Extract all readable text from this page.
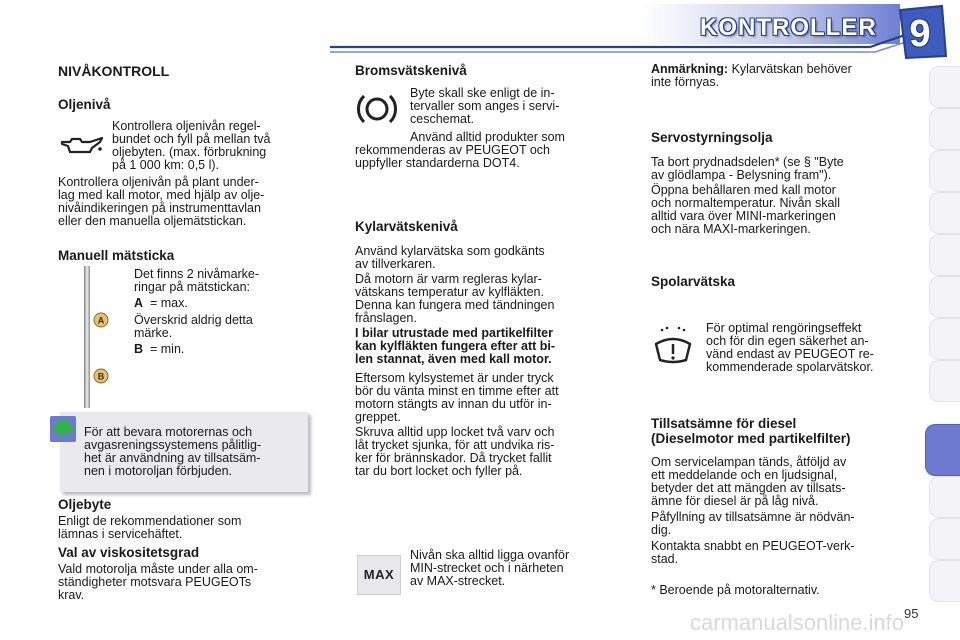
KONTROLLER 9
NIVÅKONTROLL
Oljenivå
Kontrollera oljenivån regel-
bundet och fyll på mellan två
oljebyten. (max. förbrukning
på 1 000 km: 0,5 l).
Kontrollera oljenivån på plant under-
lag med kall motor, med hjälp av olje-
nivåindikeringen på instrumenttavlan
eller den manuella oljemätstickan.
Manuell mätsticka
A
B
Det finns 2 nivåmarke-
ringar på mätstickan:
A = max.
Överskrid aldrig detta
märke.
B = min.
För att bevara motorernas och
avgasreningssystemens pålitlig-
het är användning av tillsatsäm-
nen i motoroljan förbjuden.
Oljebyte
Enligt de rekommendationer som
lämnas i servicehäftet.
Val av viskositetsgrad
Vald motorolja måste under alla om-
ständigheter motsvara PEUGEOTs
krav.
Bromsvätskenivå
Byte skall ske enligt de in-
tervaller som anges i servi-
ceschemat.
Använd alltid produkter som
rekommenderas av PEUGEOT och
uppfyller standarderna DOT4.
Kylarvätskenivå
Använd kylarvätska som godkänts
av tillverkaren.
Då motorn är varm regleras kylar-
vätskans temperatur av kylfläkten.
Denna kan fungera med tändningen
frånslagen.
I bilar utrustade med partikelfilter
kan kylfläkten fungera efter att bi-
len stannat, även med kall motor.
Eftersom kylsystemet är under tryck
bör du vänta minst en timme efter att
motorn stängts av innan du utför in-
greppet.
Skruva alltid upp locket två varv och
låt trycket sjunka, för att undvika ris-
ker för brännskador. Då trycket fallit
tar du bort locket och fyller på.
MAX
Nivån ska alltid ligga ovanför
MIN-strecket och i närheten
av MAX-strecket.
Anmärkning: Kylarvätskan behöver
inte förnyas.
Servostyrningsolja
Ta bort prydnadsdelen* (se § "Byte
av glödlampa - Belysning fram").
Öppna behållaren med kall motor
och normaltemperatur. Nivån skall
alltid vara över MINI-markeringen
och nära MAXI-markeringen.
Spolarvätska
För optimal rengöringseffekt
och för din egen säkerhet an-
vänd endast av PEUGEOT re-
kommenderade spolarvätskor.
Tillsatsämne för diesel
(Dieselmotor med partikelfilter)
Om servicelampan tänds, åtföljd av
ett meddelande och en ljudsignal,
betyder det att mängden av tillsats-
ämne för diesel är på låg nivå.
Påfyllning av tillsatsämne är nödvän-
dig.
Kontakta snabbt en PEUGEOT-verk-
stad.
* Beroende på motoralternativ.
95
carmanualsonline.info
